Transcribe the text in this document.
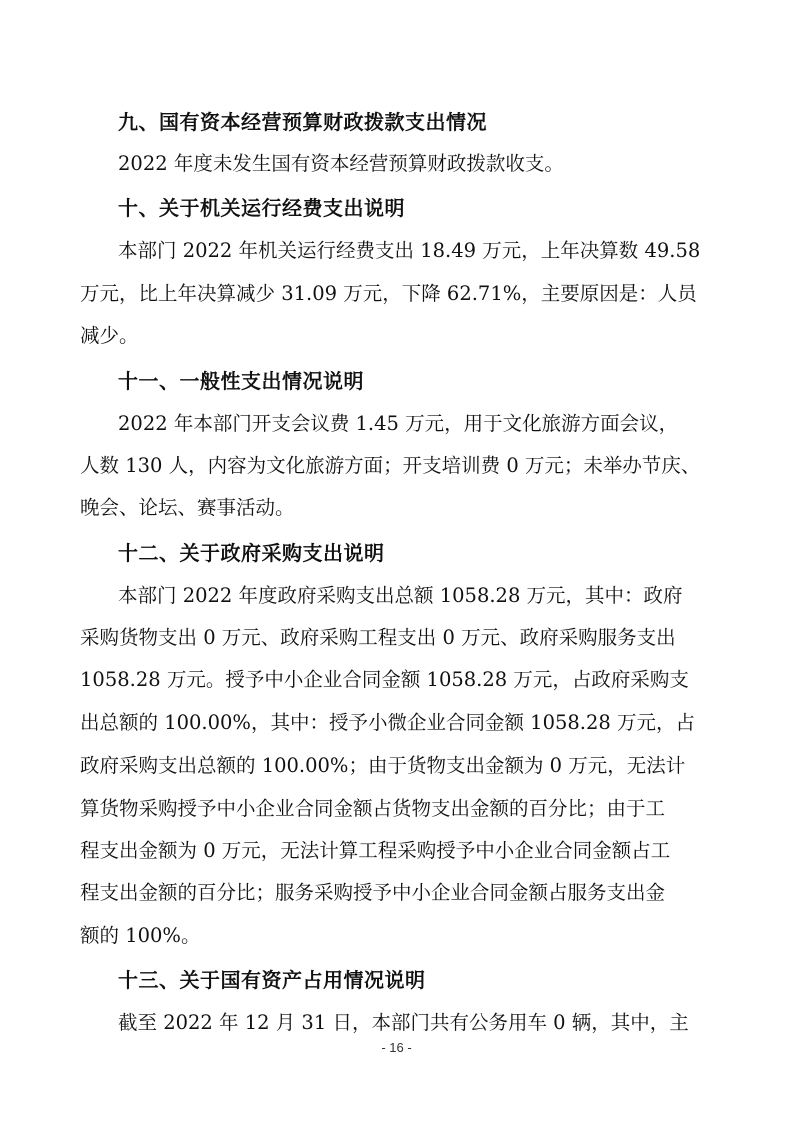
九、国有资本经营预算财政拨款支出情况
2022 年度未发生国有资本经营预算财政拨款收支。
十、关于机关运行经费支出说明
本部门 2022 年机关运行经费支出 18.49 万元，上年决算数 49.58
万元，比上年决算减少 31.09 万元，下降 62.71%，主要原因是：人员
减少。
十一、一般性支出情况说明
2022 年本部门开支会议费 1.45 万元，用于文化旅游方面会议，
人数 130 人，内容为文化旅游方面；开支培训费 0 万元；未举办节庆、
晚会、论坛、赛事活动。
十二、关于政府采购支出说明
本部门 2022 年度政府采购支出总额 1058.28 万元，其中：政府
采购货物支出 0 万元、政府采购工程支出 0 万元、政府采购服务支出
1058.28 万元。授予中小企业合同金额 1058.28 万元，占政府采购支
出总额的 100.00%，其中：授予小微企业合同金额 1058.28 万元，占
政府采购支出总额的 100.00%；由于货物支出金额为 0 万元，无法计
算货物采购授予中小企业合同金额占货物支出金额的百分比；由于工
程支出金额为 0 万元，无法计算工程采购授予中小企业合同金额占工
程支出金额的百分比；服务采购授予中小企业合同金额占服务支出金
额的 100%。
十三、关于国有资产占用情况说明
截至 2022 年 12 月 31 日，本部门共有公务用车 0 辆，其中，主
- 16 -
